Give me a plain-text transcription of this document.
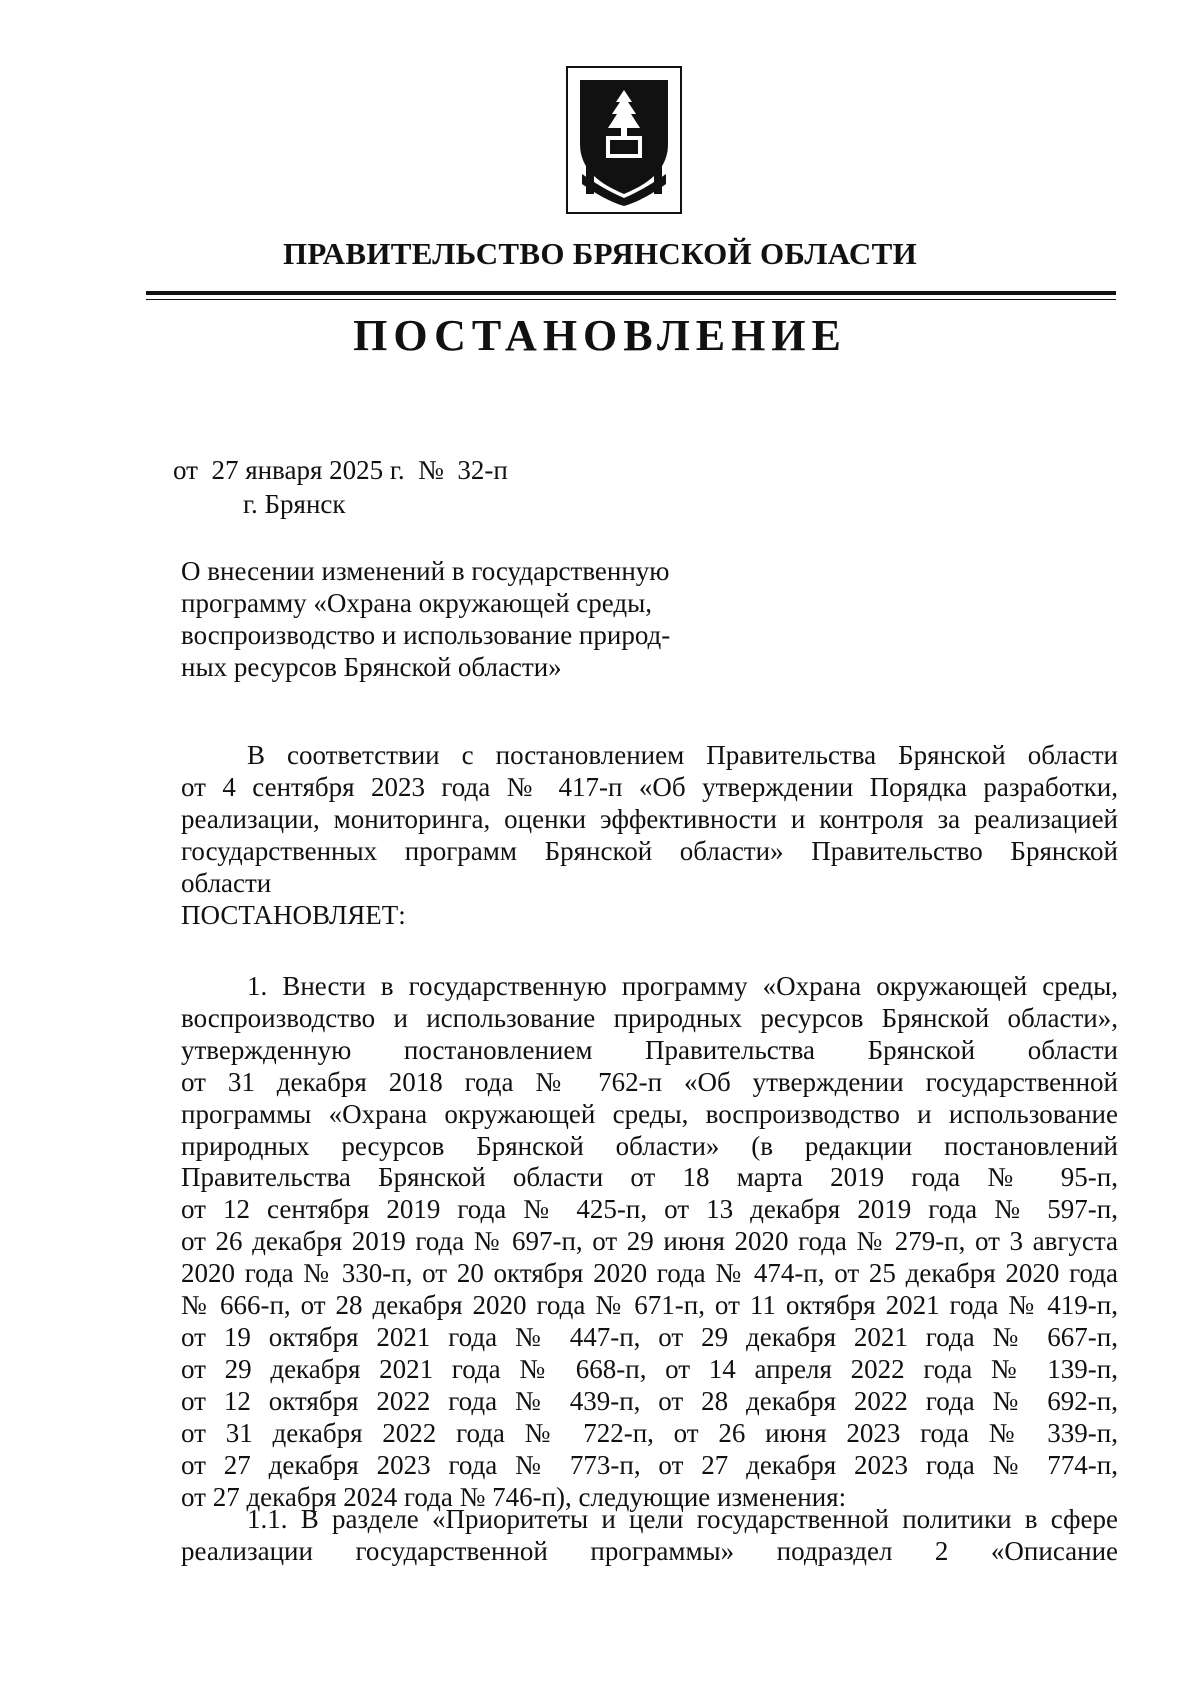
ПРАВИТЕЛЬСТВО БРЯНСКОЙ ОБЛАСТИ
ПОСТАНОВЛЕНИЕ
от  27 января 2025 г.  №  32-п
г. Брянск
О внесении изменений в государственную
программу «Охрана окружающей среды,
воспроизводство и использование природ-
ных ресурсов Брянской области»
В соответствии с постановлением Правительства Брянской области
от 4 сентября 2023 года № 417-п «Об утверждении Порядка разработки,
реализации, мониторинга, оценки эффективности и контроля за реализацией
государственных программ Брянской области» Правительство Брянской
области
ПОСТАНОВЛЯЕТ:
1. Внести в государственную программу «Охрана окружающей среды,
воспроизводство и использование природных ресурсов Брянской области»,
утвержденную постановлением Правительства Брянской области
от 31 декабря 2018 года № 762-п «Об утверждении государственной
программы «Охрана окружающей среды, воспроизводство и использование
природных ресурсов Брянской области» (в редакции постановлений
Правительства Брянской области от 18 марта 2019 года № 95-п,
от 12 сентября 2019 года № 425-п, от 13 декабря 2019 года № 597-п,
от 26 декабря 2019 года № 697-п, от 29 июня 2020 года № 279-п, от 3 августа
2020 года № 330-п, от 20 октября 2020 года № 474-п, от 25 декабря 2020 года
№ 666-п, от 28 декабря 2020 года № 671-п, от 11 октября 2021 года № 419-п,
от 19 октября 2021 года № 447-п, от 29 декабря 2021 года № 667-п,
от 29 декабря 2021 года № 668-п, от 14 апреля 2022 года № 139-п,
от 12 октября 2022 года № 439-п, от 28 декабря 2022 года № 692-п,
от 31 декабря 2022 года № 722-п, от 26 июня 2023 года № 339-п,
от 27 декабря 2023 года № 773-п, от 27 декабря 2023 года № 774-п,
от 27 декабря 2024 года № 746-п), следующие изменения:
1.1. В разделе «Приоритеты и цели государственной политики в сфере
реализации государственной программы» подраздел 2 «Описание
